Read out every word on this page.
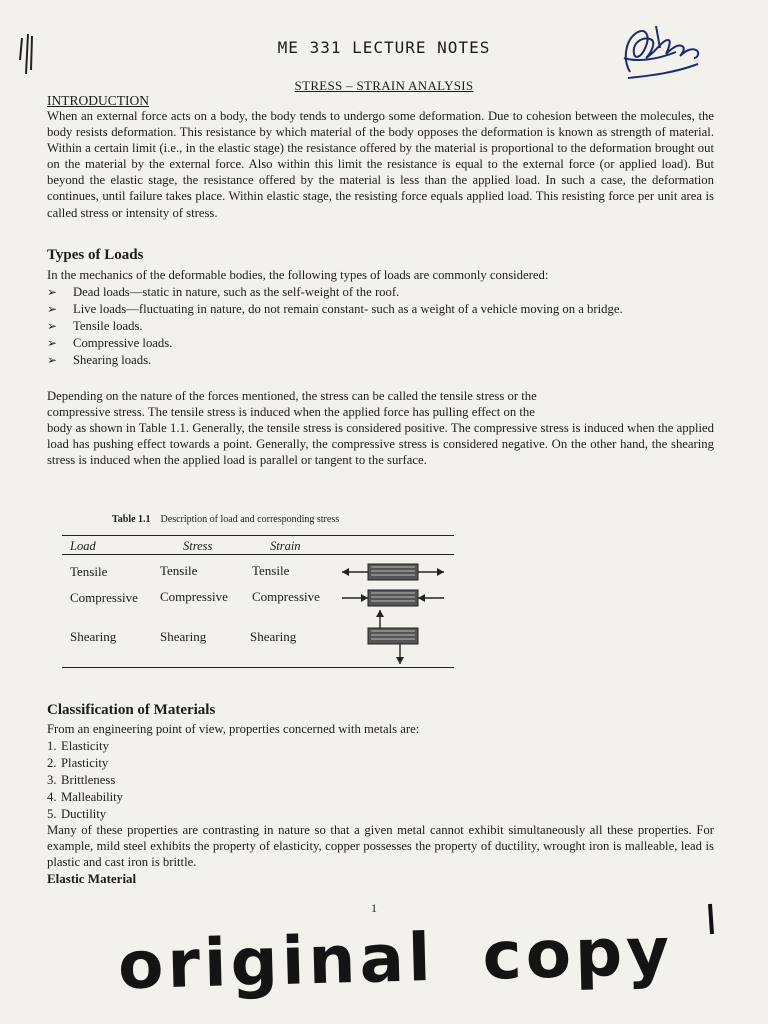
ME 331 LECTURE NOTES
STRESS – STRAIN ANALYSIS
INTRODUCTION
When an external force acts on a body, the body tends to undergo some deformation. Due to cohesion between the molecules, the body resists deformation. This resistance by which material of the body opposes the deformation is known as strength of material. Within a certain limit (i.e., in the elastic stage) the resistance offered by the material is proportional to the deformation brought out on the material by the external force. Also within this limit the resistance is equal to the external force (or applied load). But beyond the elastic stage, the resistance offered by the material is less than the applied load. In such a case, the deformation continues, until failure takes place. Within elastic stage, the resisting force equals applied load. This resisting force per unit area is called stress or intensity of stress.
Types of Loads
In the mechanics of the deformable bodies, the following types of loads are commonly considered:
➢	Dead loads—static in nature, such as the self-weight of the roof.
➢	Live loads—fluctuating in nature, do not remain constant- such as a weight of a vehicle moving on a bridge.
➢	Tensile loads.
➢	Compressive loads.
➢	Shearing loads.
Depending on the nature of the forces mentioned, the stress can be called the tensile stress or the
compressive stress. The tensile stress is induced when the applied force has pulling effect on the
body as shown in Table 1.1. Generally, the tensile stress is considered positive. The compressive stress is induced when the applied load has pushing effect towards a point. Generally, the compressive stress is considered negative. On the other hand, the shearing stress is induced when the applied load is parallel or tangent to the surface.
Table 1.1 Description of load and corresponding stress
Load	Stress	Strain
Tensile	Tensile	Tensile
Compressive Compressive Compressive
Shearing	Shearing	Shearing
Classification of Materials
From an engineering point of view, properties concerned with metals are:
1. Elasticity
2. Plasticity
3. Brittleness
4. Malleability
5. Ductility
Many of these properties are contrasting in nature so that a given metal cannot exhibit simultaneously all these properties. For example, mild steel exhibits the property of elasticity, copper possesses the property of ductility, wrought iron is malleable, lead is plastic and cast iron is brittle.
Elastic Material
1
original copy
